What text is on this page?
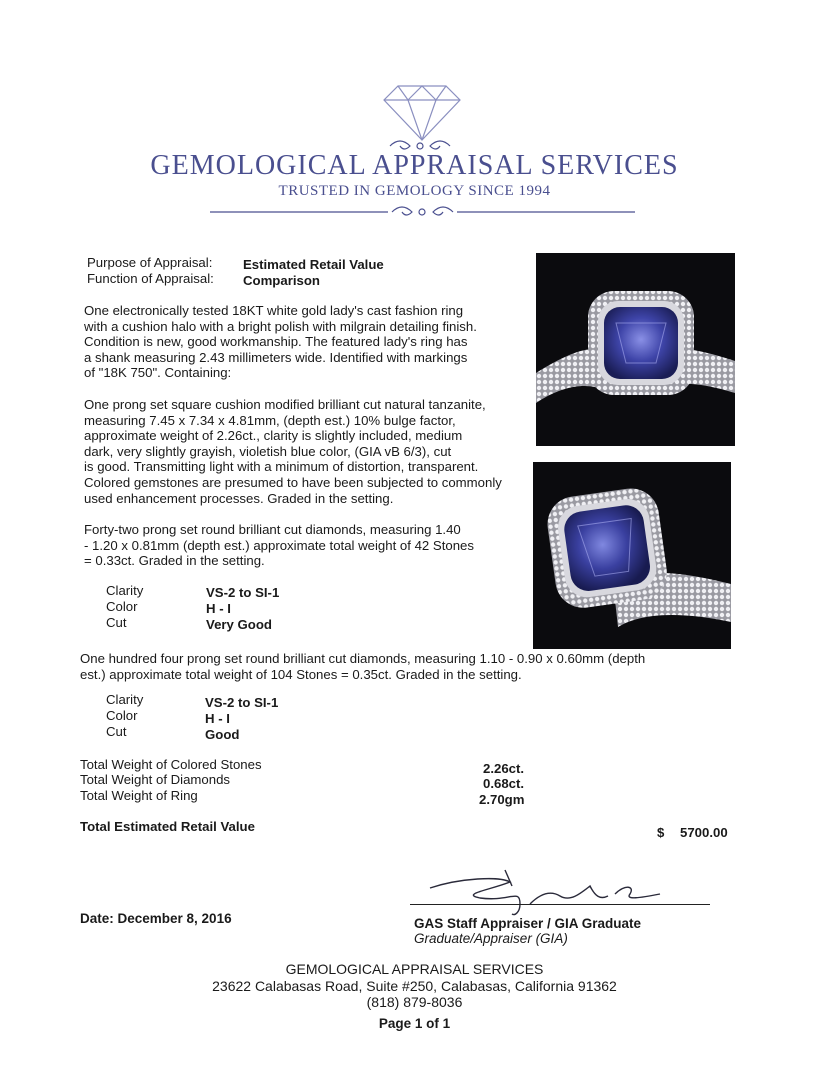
GEMOLOGICAL APPRAISAL SERVICES
TRUSTED IN GEMOLOGY SINCE 1994
Purpose of Appraisal: Estimated Retail Value
Function of Appraisal: Comparison
One electronically tested 18KT white gold lady's cast fashion ring
with a cushion halo with a bright polish with milgrain detailing finish.
Condition is new, good workmanship. The featured lady's ring has
a shank measuring 2.43 millimeters wide. Identified with markings
of "18K 750". Containing:
One prong set square cushion modified brilliant cut natural tanzanite,
measuring 7.45 x 7.34 x 4.81mm, (depth est.) 10% bulge factor,
approximate weight of 2.26ct., clarity is slightly included, medium
dark, very slightly grayish, violetish blue color, (GIA vB 6/3), cut
is good. Transmitting light with a minimum of distortion, transparent.
Colored gemstones are presumed to have been subjected to commonly
used enhancement processes. Graded in the setting.
Forty-two prong set round brilliant cut diamonds, measuring 1.40
- 1.20 x 0.81mm (depth est.) approximate total weight of 42 Stones
= 0.33ct. Graded in the setting.
Clarity	VS-2 to SI-1
Color	H - I
Cut	Very Good
One hundred four prong set round brilliant cut diamonds, measuring 1.10 - 0.90 x 0.60mm (depth
est.) approximate total weight of 104 Stones = 0.35ct. Graded in the setting.
Clarity	VS-2 to SI-1
Color	H - I
Cut	Good
Total Weight of Colored Stones	2.26ct.
Total Weight of Diamonds	0.68ct.
Total Weight of Ring	2.70gm
Total Estimated Retail Value	$ 5700.00
Date: December 8, 2016	GAS Staff Appraiser / GIA Graduate
Graduate/Appraiser (GIA)
GEMOLOGICAL APPRAISAL SERVICES
23622 Calabasas Road, Suite #250, Calabasas, California 91362
(818) 879-8036
Page 1 of 1
